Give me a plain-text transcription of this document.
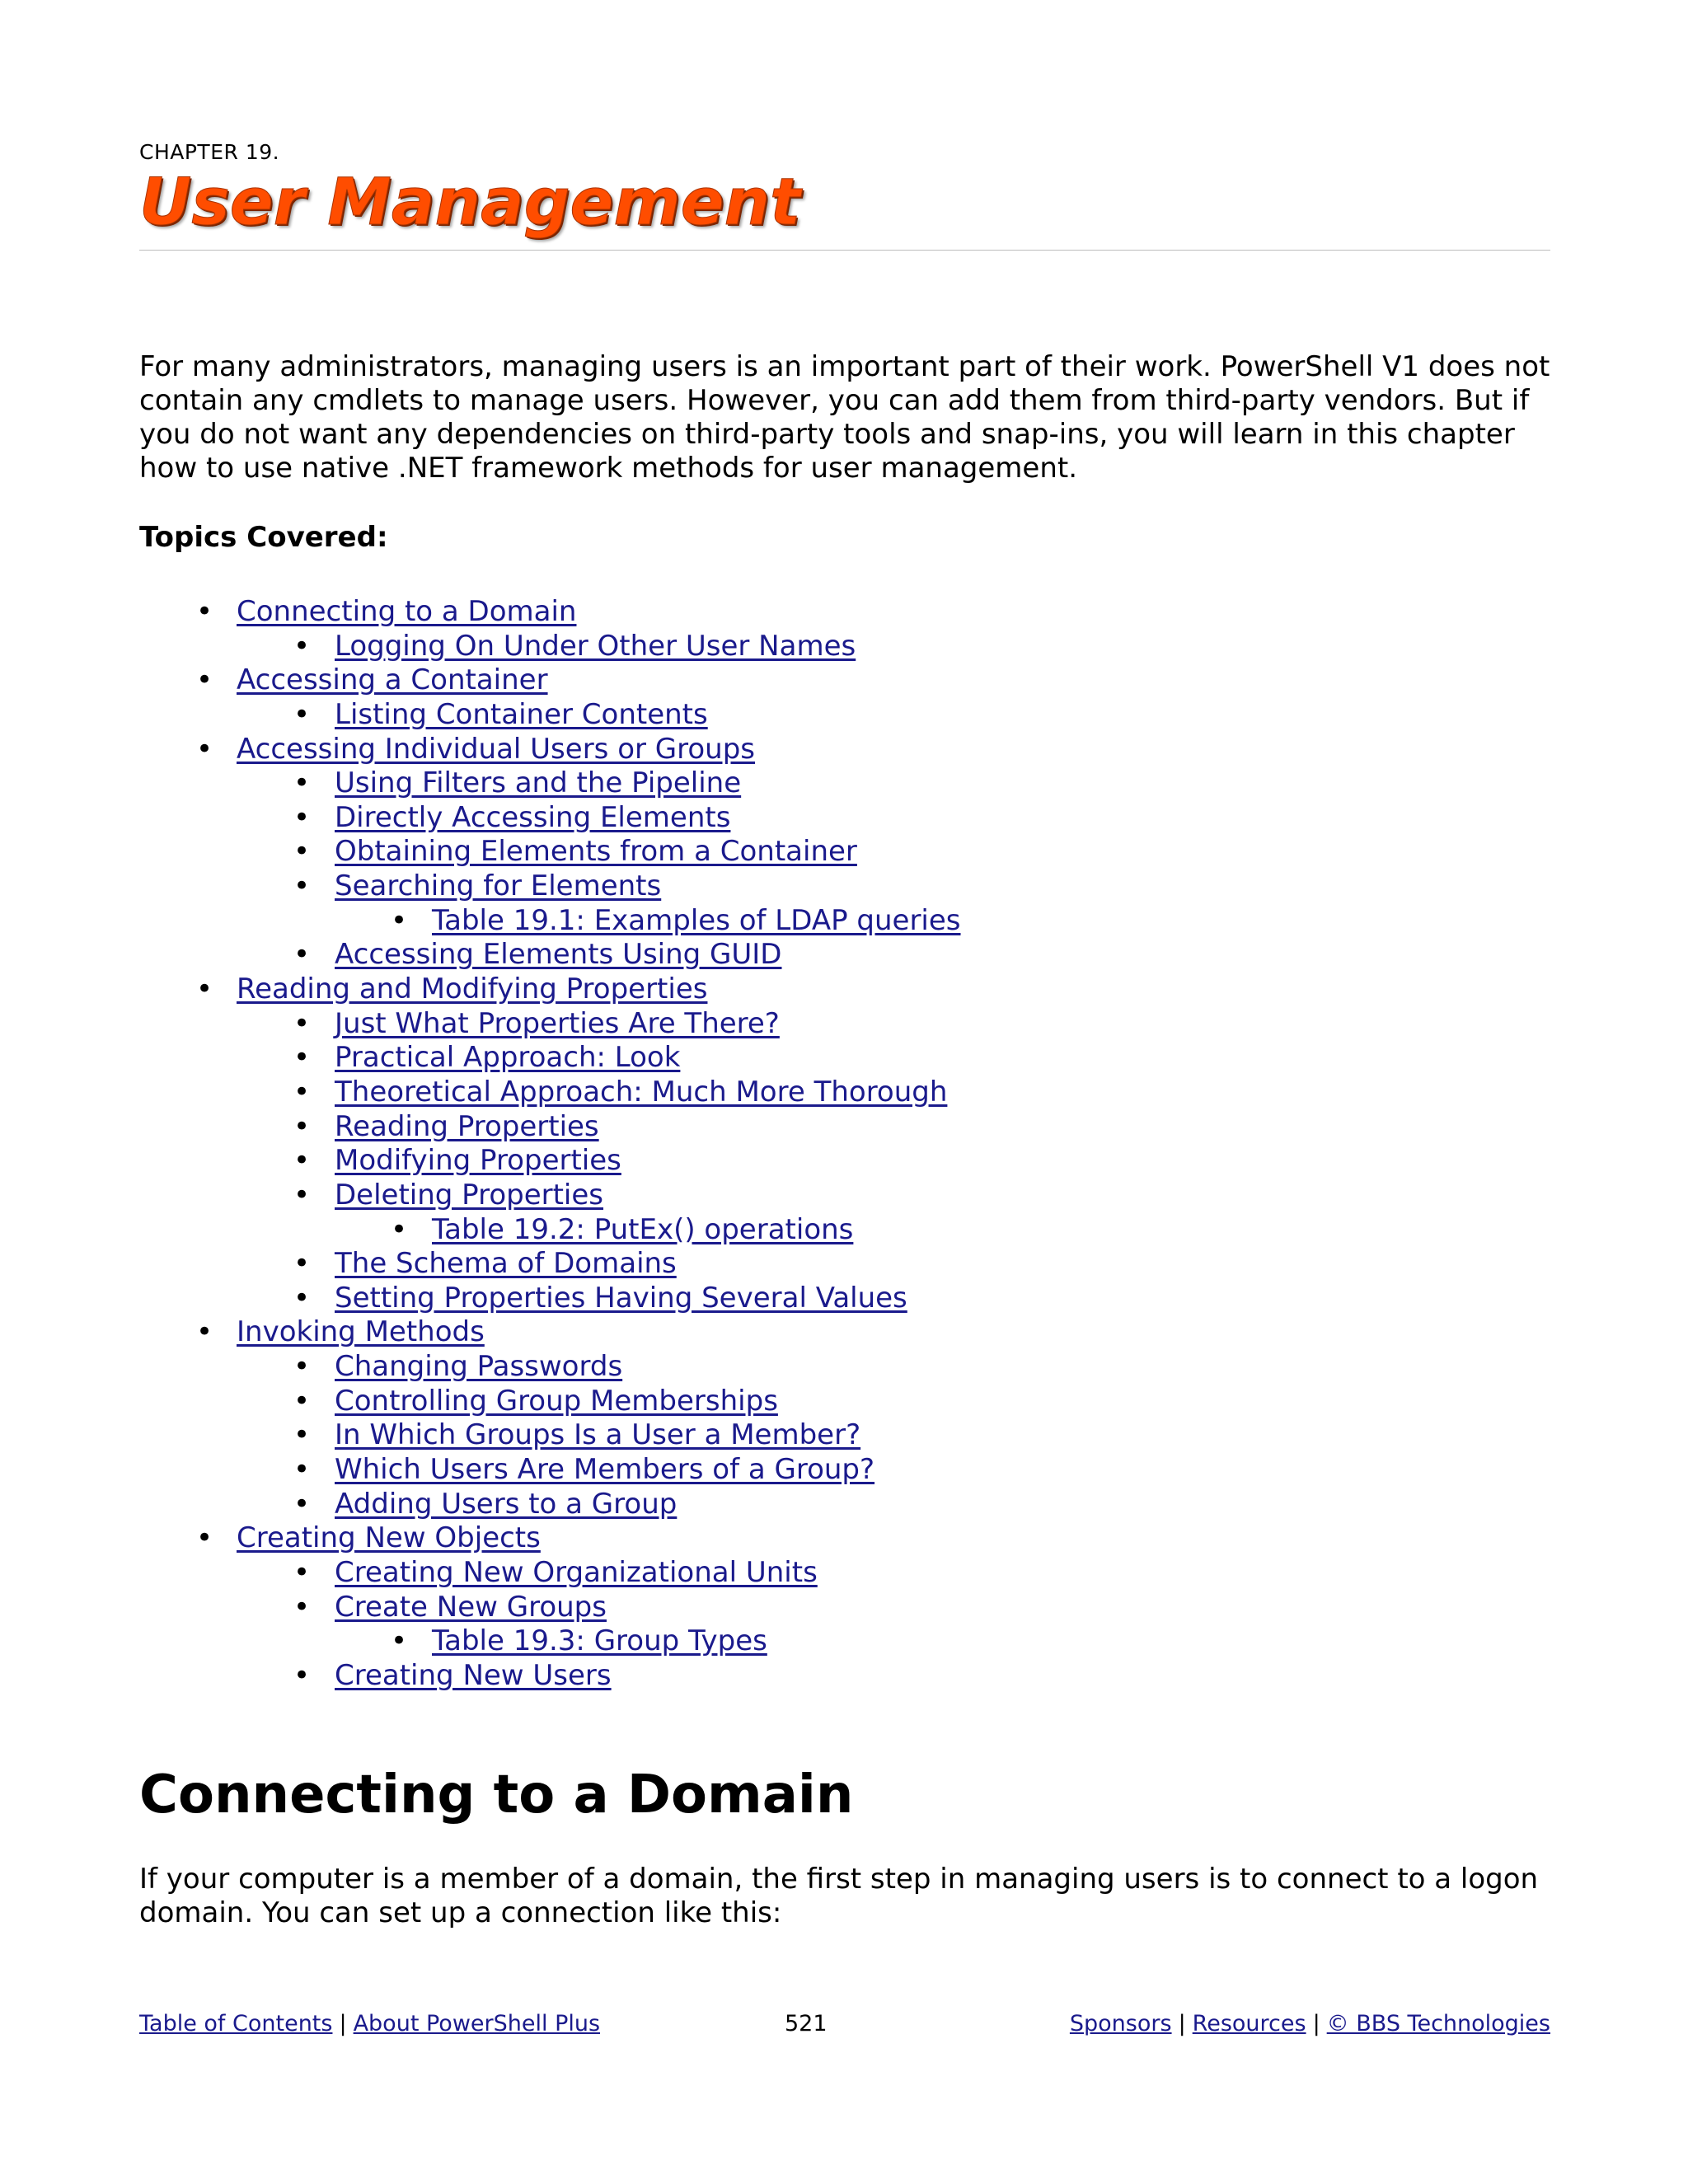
CHAPTER 19.
User Management

For many administrators, managing users is an important part of their work. PowerShell V1 does not contain any cmdlets to manage users. However, you can add them from third-party vendors. But if you do not want any dependencies on third-party tools and snap-ins, you will learn in this chapter how to use native .NET framework methods for user management.

Topics Covered:

• Connecting to a Domain
• Logging On Under Other User Names
• Accessing a Container
• Listing Container Contents
• Accessing Individual Users or Groups
• Using Filters and the Pipeline
• Directly Accessing Elements
• Obtaining Elements from a Container
• Searching for Elements
• Table 19.1: Examples of LDAP queries
• Accessing Elements Using GUID
• Reading and Modifying Properties
• Just What Properties Are There?
• Practical Approach: Look
• Theoretical Approach: Much More Thorough
• Reading Properties
• Modifying Properties
• Deleting Properties
• Table 19.2: PutEx() operations
• The Schema of Domains
• Setting Properties Having Several Values
• Invoking Methods
• Changing Passwords
• Controlling Group Memberships
• In Which Groups Is a User a Member?
• Which Users Are Members of a Group?
• Adding Users to a Group
• Creating New Objects
• Creating New Organizational Units
• Create New Groups
• Table 19.3: Group Types
• Creating New Users
Connecting to a Domain

If your computer is a member of a domain, the first step in managing users is to connect to a logon domain. You can set up a connection like this:

Table of Contents | About PowerShell Plus	521	Sponsors | Resources | © BBS Technologies
